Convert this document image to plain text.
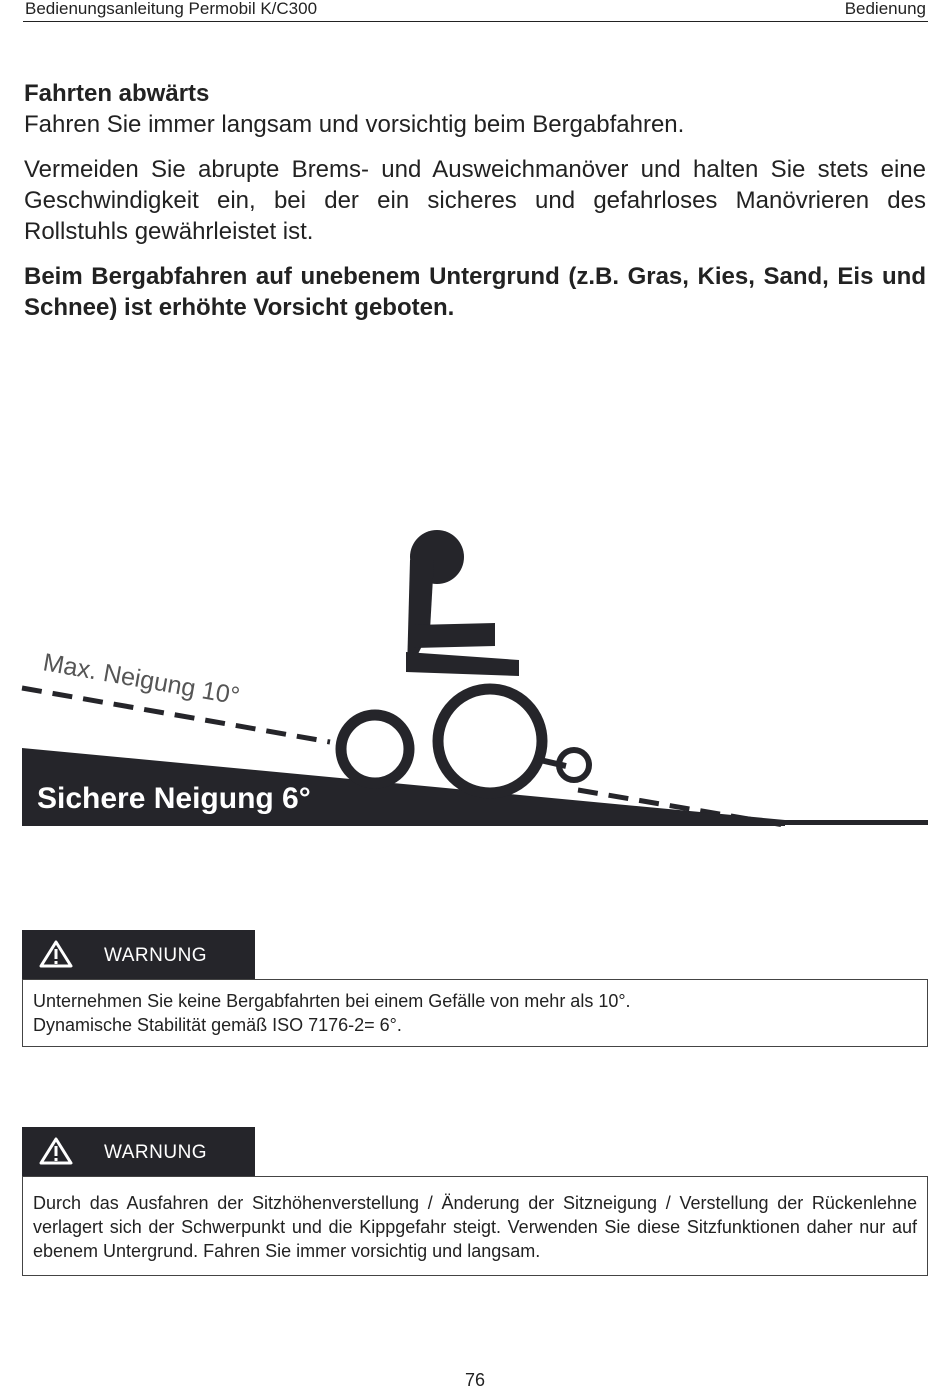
Bedienungsanleitung Permobil K/C300	Bedienung

Fahrten abwärts

Fahren Sie immer langsam und vorsichtig beim Bergabfahren.

Vermeiden Sie abrupte Brems- und Ausweichmanöver und halten Sie stets eine Geschwindigkeit ein, bei der ein sicheres und gefahrloses Manövrieren des Rollstuhls gewährleistet ist.

Beim Bergabfahren auf unebenem Untergrund (z.B. Gras, Kies, Sand, Eis und Schnee) ist erhöhte Vorsicht geboten.

Max. Neigung 10°
Sichere Neigung 6°
WARNUNG
Unternehmen Sie keine Bergabfahrten bei einem Gefälle von mehr als 10°.
Dynamische Stabilität gemäß ISO 7176-2= 6°.
WARNUNG
Durch das Ausfahren der Sitzhöhenverstellung / Änderung der Sitzneigung / Verstellung der Rückenlehne verlagert sich der Schwerpunkt und die Kippgefahr steigt. Verwenden Sie diese Sitzfunktionen daher nur auf ebenem Untergrund. Fahren Sie immer vorsichtig und langsam.
76
